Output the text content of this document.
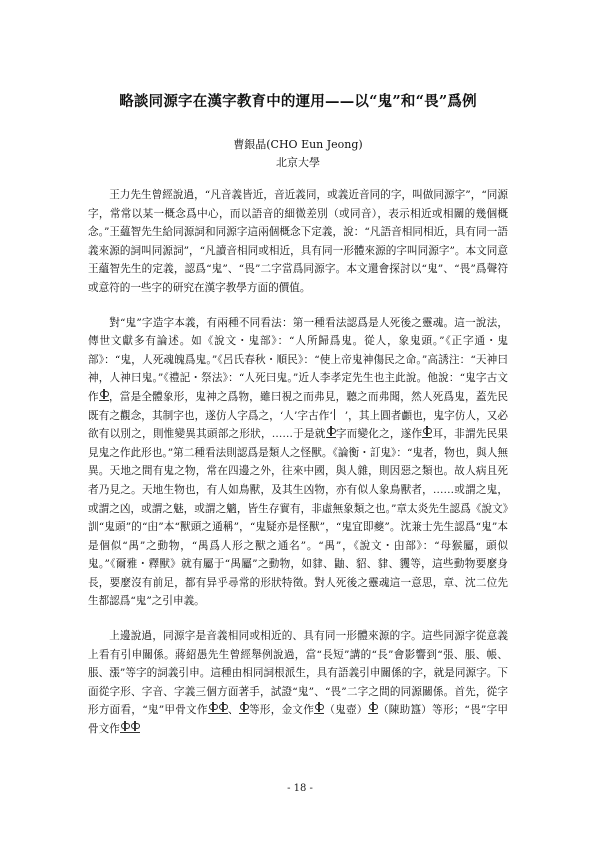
略談同源字在漢字教育中的運用——以“鬼”和“畏”爲例

曹銀晶(CHO Eun Jeong)

北京大學

王力先生曾經說過，“凡音義皆近，音近義同，或義近音同的字，叫做同源字”，“同源字，常常以某一概念爲中心，而以語音的細微差別（或同音），表示相近或相關的幾個概念。”王蘊智先生給同源詞和同源字這兩個概念下定義，說：“凡語音相同相近，具有同一語義來源的詞叫同源詞”，“凡讀音相同或相近，具有同一形體來源的字叫同源字”。本文同意王蘊智先生的定義，認爲“鬼”、“畏”二字當爲同源字。本文還會探討以“鬼”、“畏”爲聲符或意符的一些字的研究在漢字教學方面的價值。

對“鬼”字造字本義，有兩種不同看法：第一種看法認爲是人死後之靈魂。這一說法，傳世文獻多有論述。如《說文・鬼部》：“人所歸爲鬼。從人，象鬼頭。”《正字通・鬼部》：“鬼，人死魂魄爲鬼。”《呂氏春秋・順民》：“使上帝鬼神傷民之命。”高誘注：“天神曰神，人神曰鬼。”《禮記・祭法》：“人死曰鬼。”近人李孝定先生也主此說。他說：“鬼字古文作 ，當是全體象形，鬼神之爲物，雖曰視之而弗見，聽之而弗聞，然人死爲鬼，蓋先民既有之觀念，其制字也，遂仿人字爲之，‘人’字古作‘ ’，其上圓者顱也，鬼字仿人，又必欲有以別之，則惟變異其頭部之形狀，……于是就 字而變化之，遂作 耳，非謂先民果見鬼之作此形也。”第二種看法則認爲是類人之怪獸。《論衡・訂鬼》：“鬼者，物也，與人無異。天地之間有鬼之物，常在四邊之外，往來中國，與人雜，則因惡之類也。故人病且死者乃見之。天地生物也，有人如鳥獸，及其生凶物，亦有似人象鳥獸者，……或謂之鬼，或謂之凶，或謂之魅，或謂之魑，皆生存實有，非虛無象類之也。”章太炎先生認爲《說文》訓“鬼頭”的“甶”本“獸頭之通稱”，“鬼疑亦是怪獸”，“鬼宜即夔”。沈兼士先生認爲“鬼”本是個似“禺”之動物，“禺爲人形之獸之通名”。“禺”，《說文・甶部》：“母猴屬，頭似鬼。”《爾雅・釋獸》就有屬于“禺屬”之動物，如貄、鼬、貂、貄、貜等，這些動物要麼身長，要麼沒有前足，都有异乎尋常的形狀特徵。對人死後之靈魂這一意思，章、沈二位先生都認爲“鬼”之引申義。

上邊說過，同源字是音義相同或相近的、具有同一形體來源的字。這些同源字從意義上看有引申關係。蔣紹愚先生曾經舉例說過，當“長短”講的“長”會影響到“張、脹、帳、脹、漲”等字的詞義引申。這種由相同詞根派生，具有語義引申關係的字，就是同源字。下面從字形、字音、字義三個方面著手，試證“鬼”、“畏”二字之間的同源關係。首先，從字形方面看，“鬼”甲骨文作 、 等形，金文作 （鬼壺） （陳助簋）等形；“畏”字甲骨文作

- 18 -
